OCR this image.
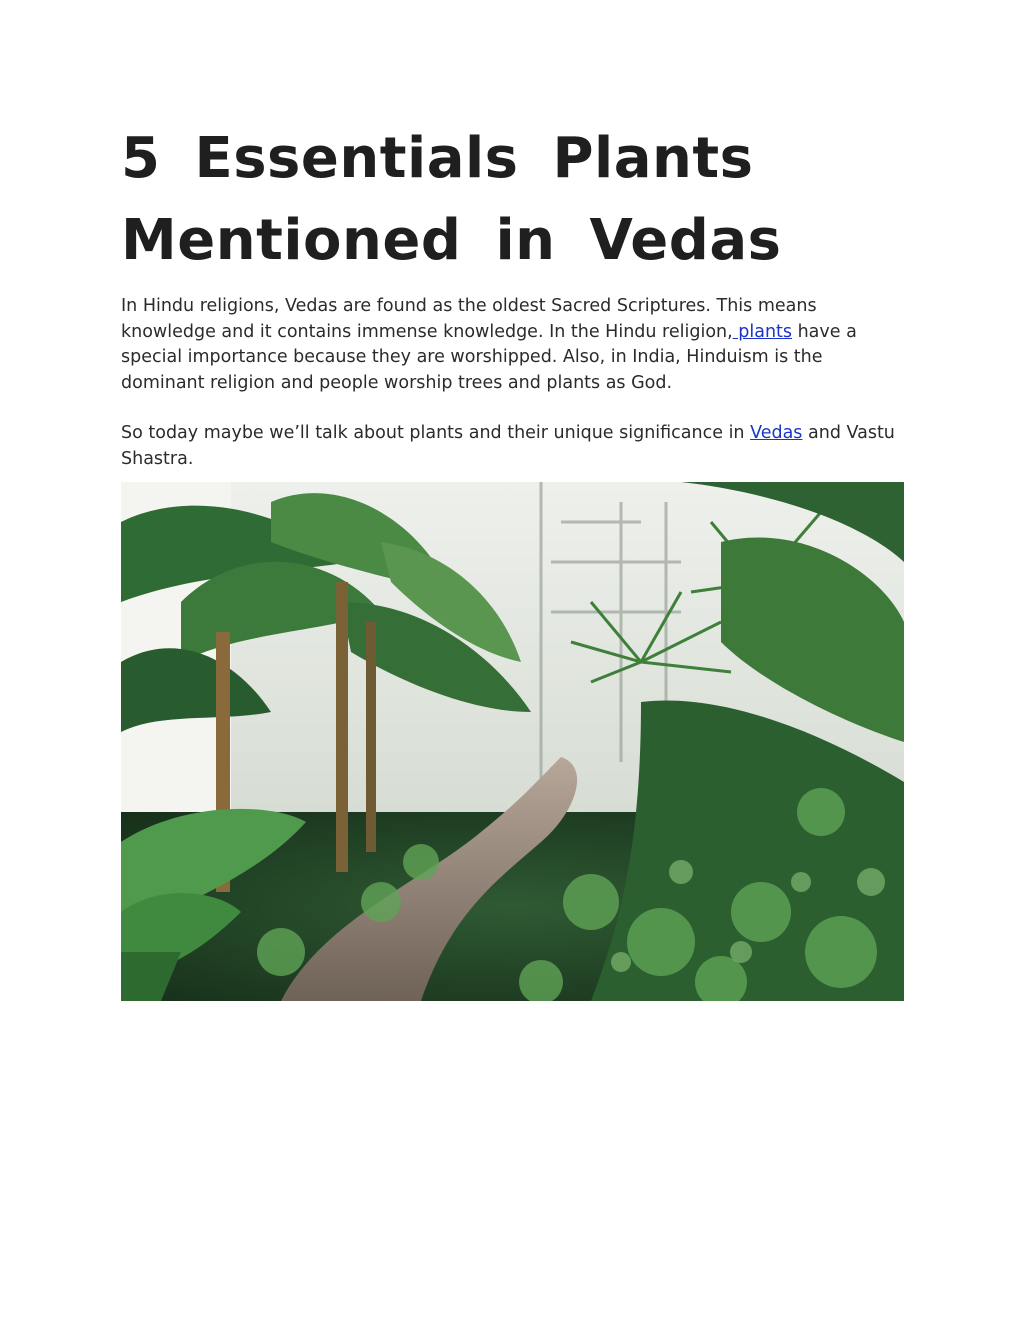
5 Essentials Plants
Mentioned in Vedas

In Hindu religions, Vedas are found as the oldest Sacred Scriptures. This means knowledge and it contains immense knowledge. In the Hindu religion, plants have a special importance because they are worshipped. Also, in India, Hinduism is the dominant religion and people worship trees and plants as God.

So today maybe we’ll talk about plants and their unique significance in Vedas and Vastu Shastra.
